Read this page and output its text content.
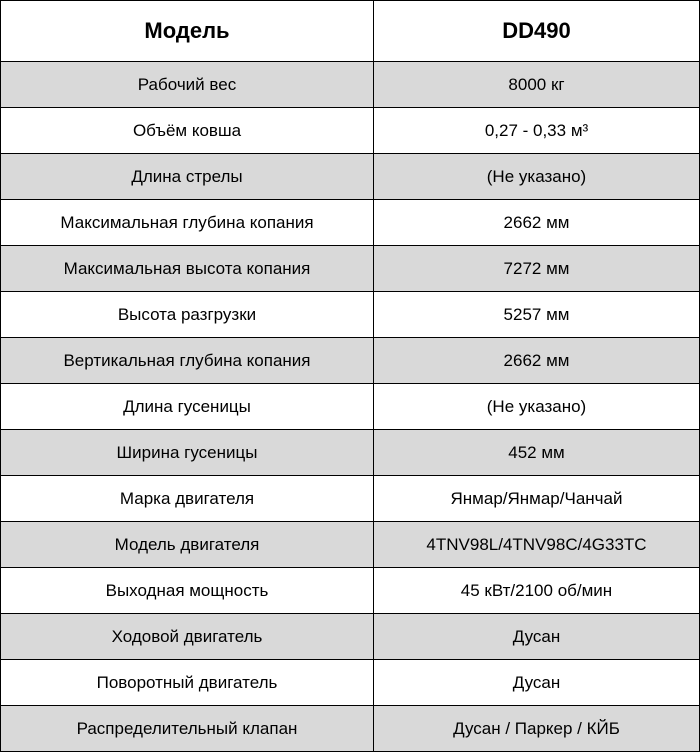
Модель	DD490
Рабочий вес	8000 кг
Объём ковша	0,27 - 0,33 м³
Длина стрелы	(Не указано)
Максимальная глубина копания	2662 мм
Максимальная высота копания	7272 мм
Высота разгрузки	5257 мм
Вертикальная глубина копания	2662 мм
Длина гусеницы	(Не указано)
Ширина гусеницы	452 мм
Марка двигателя	Янмар/Янмар/Чанчай
Модель двигателя	4TNV98L/4TNV98C/4G33TC
Выходная мощность	45 кВт/2100 об/мин
Ходовой двигатель	Дусан
Поворотный двигатель	Дусан
Распределительный клапан	Дусан / Паркер / КЙБ
